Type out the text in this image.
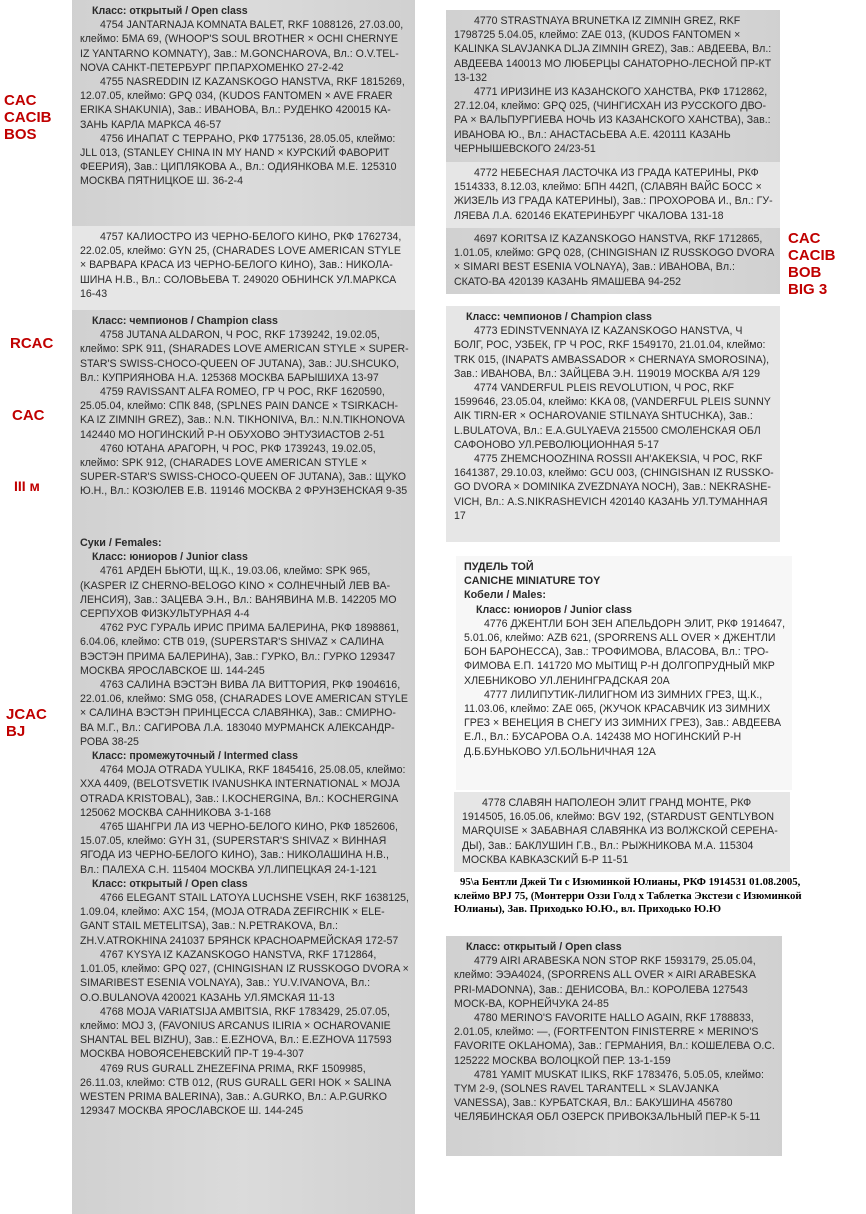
Класс: открытый / Open class

4754 JANTARNAJA KOMNATA BALET, RKF 1088126, 27.03.00, клеймо: БMA 69, (WHOOP'S SOUL BROTHER × OCHI CHERNYE IZ YANTARNO KOMNATY), Зав.: M.GONCHAROVA, Вл.: O.V.TEL-NOVA САНКТ-ПЕТЕРБУРГ ПР.ПАРХОМЕНКО 27-2-42

4755 NASREDDIN IZ KAZANSKOGO HANSTVA, RKF 1815269, 12.07.05, клеймо: GPQ 034, (KUDOS FANTOMEN × AVE FRAER ERIKA SHAKUNIA), Зав.: ИВАНОВА, Вл.: РУДЕНКО 420015 КА-ЗАНЬ КАРЛА МАРКСА 46-57

4756 ИНАПАТ С ТЕРРАНО, РКФ 1775136, 28.05.05, клеймо: JLL 013, (STANLEY CHINA IN MY HAND × КУРСКИЙ ФАВОРИТ ФЕЕРИЯ), Зав.: ЦИПЛЯКОВА А., Вл.: ОДИЯНКОВА М.Е. 125310 МОСКВА ПЯТНИЦКОЕ Ш. 36-2-4

4757 КАЛИОСТРО ИЗ ЧЕРНО-БЕЛОГО КИНО, РКФ 1762734, 22.02.05, клеймо: GYN 25, (CHARADES LOVE AMERICAN STYLE × ВАРВАРА КРАСА ИЗ ЧЕРНО-БЕЛОГО КИНО), Зав.: НИКОЛА-ШИНА Н.В., Вл.: СОЛОВЬЕВА Т. 249020 ОБНИНСК УЛ.МАРКСА 16-43

Класс: чемпионов / Champion class

4758 JUTANA ALDARON, Ч РОС, RKF 1739242, 19.02.05, клеймо: SPK 911, (SHARADES LOVE AMERICAN STYLE × SUPER-STAR'S SWISS-CHOCO-QUEEN OF JUTANA), Зав.: JU.SHCUKO, Вл.: КУПРИЯНОВА Н.А. 125368 МОСКВА БАРЫШИХА 13-97

4759 RAVISSANT ALFA ROMEO, ГР Ч РОС, RKF 1620590, 25.05.04, клеймо: СПК 848, (SPLNES PAIN DANCE × TSIRKACH-KA IZ ZIMNIH GREZ), Зав.: N.N. TIKHONIVA, Вл.: N.N.TIKHONOVA 142440 МО НОГИНСКИЙ Р-Н ОБУХОВО ЭНТУЗИАСТОВ 2-51

4760 ЮТАНА АРАГОРН, Ч РОС, РКФ 1739243, 19.02.05, клеймо: SPK 912, (CHARADES LOVE AMERICAN STYLE × SUPER-STAR'S SWISS-CHOCO-QUEEN OF JUTANA), Зав.: ЩУКО Ю.Н., Вл.: КОЗЮЛЕВ Е.В. 119146 МОСКВА 2 ФРУНЗЕНСКАЯ 9-35

Суки / Females:
Класс: юниоров / Junior class

4761 АРДЕН БЬЮТИ, Щ.К., 19.03.06, клеймо: SPK 965, (KASPER IZ CHERNO-BELOGO KINO × СОЛНЕЧНЫЙ ЛЕВ ВА-ЛЕНСИЯ), Зав.: ЗАЦЕВА Э.Н., Вл.: ВАНЯВИНА М.В. 142205 МО СЕРПУХОВ ФИЗКУЛЬТУРНАЯ 4-4

4762 РУС ГУРАЛЬ ИРИС ПРИМА БАЛЕРИНА, РКФ 1898861, 6.04.06, клеймо: CTB 019, (SUPERSTAR'S SHIVAZ × САЛИНА ВЭСТЭН ПРИМА БАЛЕРИНА), Зав.: ГУРКО, Вл.: ГУРКО 129347 МОСКВА ЯРОСЛАВСКОЕ Ш. 144-245

4763 САЛИНА ВЭСТЭН ВИВА ЛА ВИТТОРИЯ, РКФ 1904616, 22.01.06, клеймо: SMG 058, (CHARADES LOVE AMERICAN STYLE × САЛИНА ВЭСТЭН ПРИНЦЕССА СЛАВЯНКА), Зав.: СМИРНО-ВА М.Г., Вл.: САГИРОВА Л.А. 183040 МУРМАНСК АЛЕКСАНДР-РОВА 38-25

Класс: промежуточный / Intermed class

4764 MOJA OTRADA YULIKA, RKF 1845416, 25.08.05, клеймо: XXA 4409, (BELOTSVETIK IVANUSHKA INTERNATIONAL × MOJA OTRADA KRISTOBAL), Зав.: I.KOCHERGINA, Вл.: KOCHERGINA 125062 МОСКВА САННИКОВА 3-1-168

4765 ШАНГРИ ЛА ИЗ ЧЕРНО-БЕЛОГО КИНО, РКФ 1852606, 15.07.05, клеймо: GYH 31, (SUPERSTAR'S SHIVAZ × ВИННАЯ ЯГОДА ИЗ ЧЕРНО-БЕЛОГО КИНО), Зав.: НИКОЛАШИНА Н.В., Вл.: ПАЛЕХА С.Н. 115404 МОСКВА УЛ.ЛИПЕЦКАЯ 24-1-121

Класс: открытый / Open class

4766 ELEGANT STAIL LATOYA LUCHSHE VSEH, RKF 1638125, 1.09.04, клеймо: AXC 154, (MOJA OTRADA ZEFIRCHIK × ELE-GANT STAIL METELITSA), Зав.: N.PETRAKOVA, Вл.: ZH.V.ATROKHINA 241037 БРЯНСК КРАСНОАРМЕЙСКАЯ 172-57

4767 KYSYA IZ KAZANSKOGO HANSTVA, RKF 1712864, 1.01.05, клеймо: GPQ 027, (CHINGISHAN IZ RUSSKOGO DVORA × SIMARIBEST ESENIA VOLNAYA), Зав.: YU.V.IVANOVA, Вл.: O.O.BULANOVA 420021 КАЗАНЬ УЛ.ЯМСКАЯ 11-13

4768 MOJA VARIATSIJA AMBITSIA, RKF 1783429, 25.07.05, клеймо: MOJ 3, (FAVONIUS ARCANUS ILIRIA × OCHAROVANIE SHANTAL BEL BIZHU), Зав.: E.EZHOVA, Вл.: E.EZHOVA 117593 МОСКВА НОВОЯСЕНЕВСКИЙ ПР-Т 19-4-307

4769 RUS GURALL ZHEZEFINA PRIMA, RKF 1509985, 26.11.03, клеймо: CTB 012, (RUS GURALL GERI HOK × SALINA WESTEN PRIMA BALERINA), Зав.: A.GURKO, Вл.: A.P.GURKO 129347 МОСКВА ЯРОСЛАВСКОЕ Ш. 144-245

4770 STRASTNAYA BRUNETKA IZ ZIMNIH GREZ, RKF 1798725 5.04.05, клеймо: ZAE 013, (KUDOS FANTOMEN × KALINKA SLAVJANKA DLJA ZIMNIH GREZ), Зав.: АВДЕЕВА, Вл.: АВДЕЕВА 140013 МО ЛЮБЕРЦЫ САНАТОРНО-ЛЕСНОЙ ПР-КТ 13-132

4771 ИРИЗИНЕ ИЗ КАЗАНСКОГО ХАНСТВА, РКФ 1712862, 27.12.04, клеймо: GPQ 025, (ЧИНГИСХАН ИЗ РУССКОГО ДВО-РА × ВАЛЬПУРГИЕВА НОЧЬ ИЗ КАЗАНСКОГО ХАНСТВА), Зав.: ИВАНОВА Ю., Вл.: АНАСТАСЬЕВА А.Е. 420111 КАЗАНЬ ЧЕРНЫШЕВСКОГО 24/23-51

4772 НЕБЕСНАЯ ЛАСТОЧКА ИЗ ГРАДА КАТЕРИНЫ, РКФ 1514333, 8.12.03, клеймо: БПН 442П, (СЛАВЯН ВАЙС БОСС × ЖИЗЕЛЬ ИЗ ГРАДА КАТЕРИНЫ), Зав.: ПРОХОРОВА И., Вл.: ГУ-ЛЯЕВА Л.А. 620146 ЕКАТЕРИНБУРГ ЧКАЛОВА 131-18

4697 KORITSA IZ KAZANSKOGO HANSTVA, RKF 1712865, 1.01.05, клеймо: GPQ 028, (CHINGISHAN IZ RUSSKOGO DVORA × SIMARI BEST ESENIA VOLNAYA), Зав.: ИВАНОВА, Вл.: СКАТО-ВА 420139 КАЗАНЬ ЯМАШЕВА 94-252

Класс: чемпионов / Champion class

4773 EDINSTVENNAYA IZ KAZANSKOGO HANSTVA, Ч БОЛГ, РОС, УЗБЕК, ГР Ч РОС, RKF 1549170, 21.01.04, клеймо: TRK 015, (INAPATS AMBASSADOR × CHERNAYA SMOROSINA), Зав.: ИВАНОВА, Вл.: ЗАЙЦЕВА Э.Н. 119019 МОСКВА А/Я 129

4774 VANDERFUL PLEIS REVOLUTION, Ч РОС, RKF 1599646, 23.05.04, клеймо: KKA 08, (VANDERFUL PLEIS SUNNY AIK TIRN-ER × OCHAROVANIE STILNAYA SHTUCHKA), Зав.: L.BULATOVA, Вл.: E.A.GULYAEVA 215500 СМОЛЕНСКАЯ ОБЛ САФОНОВО УЛ.РЕВОЛЮЦИОННАЯ 5-17

4775 ZHEMCHOOZHINA ROSSII AH'AKEKSIA, Ч РОС, RKF 1641387, 29.10.03, клеймо: GCU 003, (CHINGISHAN IZ RUSSKO-GO DVORA × DOMINIKA ZVEZDNAYA NOCH), Зав.: NEKRASHE-VICH, Вл.: A.S.NIKRASHEVICH 420140 КАЗАНЬ УЛ.ТУМАННАЯ 17

ПУДЕЛЬ ТОЙ
CANICHE MINIATURE TOY
Кобели / Males:
Класс: юниоров / Junior class

4776 ДЖЕНТЛИ БОН ЗЕН АПЕЛЬДОРН ЭЛИТ, РКФ 1914647, 5.01.06, клеймо: AZB 621, (SPORRENS ALL OVER × ДЖЕНТЛИ БОН БАРОНЕССА), Зав.: ТРОФИМОВА, ВЛАСОВА, Вл.: ТРО-ФИМОВА Е.П. 141720 МО МЫТИЩ Р-Н ДОЛГОПРУДНЫЙ МКР ХЛЕБНИКОВО УЛ.ЛЕНИНГРАДСКАЯ 20А

4777 ЛИЛИПУТИК-ЛИЛИГНОМ ИЗ ЗИМНИХ ГРЕЗ, Щ.К., 11.03.06, клеймо: ZAE 065, (ЖУЧОК КРАСАВЧИК ИЗ ЗИМНИХ ГРЕЗ × ВЕНЕЦИЯ В СНЕГУ ИЗ ЗИМНИХ ГРЕЗ), Зав.: АВДЕЕВА Е.Л., Вл.: БУСАРОВА О.А. 142438 МО НОГИНСКИЙ Р-Н Д.Б.БУНЬКОВО УЛ.БОЛЬНИЧНАЯ 12А

4778 СЛАВЯН НАПОЛЕОН ЭЛИТ ГРАНД МОНТЕ, РКФ 1914505, 16.05.06, клеймо: BGV 192, (STARDUST GENTLYBON MARQUISE × ЗАБАВНАЯ СЛАВЯНКА ИЗ ВОЛЖСКОЙ СЕРЕНА-ДЫ), Зав.: БАКЛУШИН Г.В., Вл.: РЫЖНИКОВА М.А. 115304 МОСКВА КАВКАЗСКИЙ Б-Р 11-51

95\а Бентли Джей Ти с Изюминкой Юлианы, РКФ 1914531 01.08.2005, клеймо BPJ 75, (Монтерри Оззи Голд х Таблетка Экстези с Изюминкой Юлианы), Зав. Приходько Ю.Ю., вл. Приходько Ю.Ю
Класс: открытый / Open class

4779 AIRI ARABESKA NON STOP RKF 1593179, 25.05.04, клеймо: ЭЭА4024, (SPORRENS ALL OVER × AIRI ARABESKA PRI-MADONNA), Зав.: ДЕНИСОВА, Вл.: КОРОЛЕВА 127543 МОСК-ВА, КОРНЕЙЧУКА 24-85

4780 MERINO'S FAVORITE HALLO AGAIN, RKF 1788833, 2.01.05, клеймо: —, (FORTFENTON FINISTERRE × MERINO'S FAVORITE OKLAHOMA), Зав.: ГЕРМАНИЯ, Вл.: КОШЕЛЕВА О.С. 125222 МОСКВА ВОЛОЦКОЙ ПЕР. 13-1-159

4781 YAMIT MUSKAT ILIKS, RKF 1783476, 5.05.05, клеймо: TYM 2-9, (SOLNES RAVEL TARANTELL × SLAVJANKA VANESSA), Зав.: КУРБАТСКАЯ, Вл.: БАКУШИНА 456780 ЧЕЛЯБИНСКАЯ ОБЛ ОЗЕРСК ПРИВОКЗАЛЬНЫЙ ПЕР-К 5-11

CAC
CACIB
BOS
RCAC
CAC
III м
JCAC
BJ
CAC
CACIB
BOB
BIG 3
